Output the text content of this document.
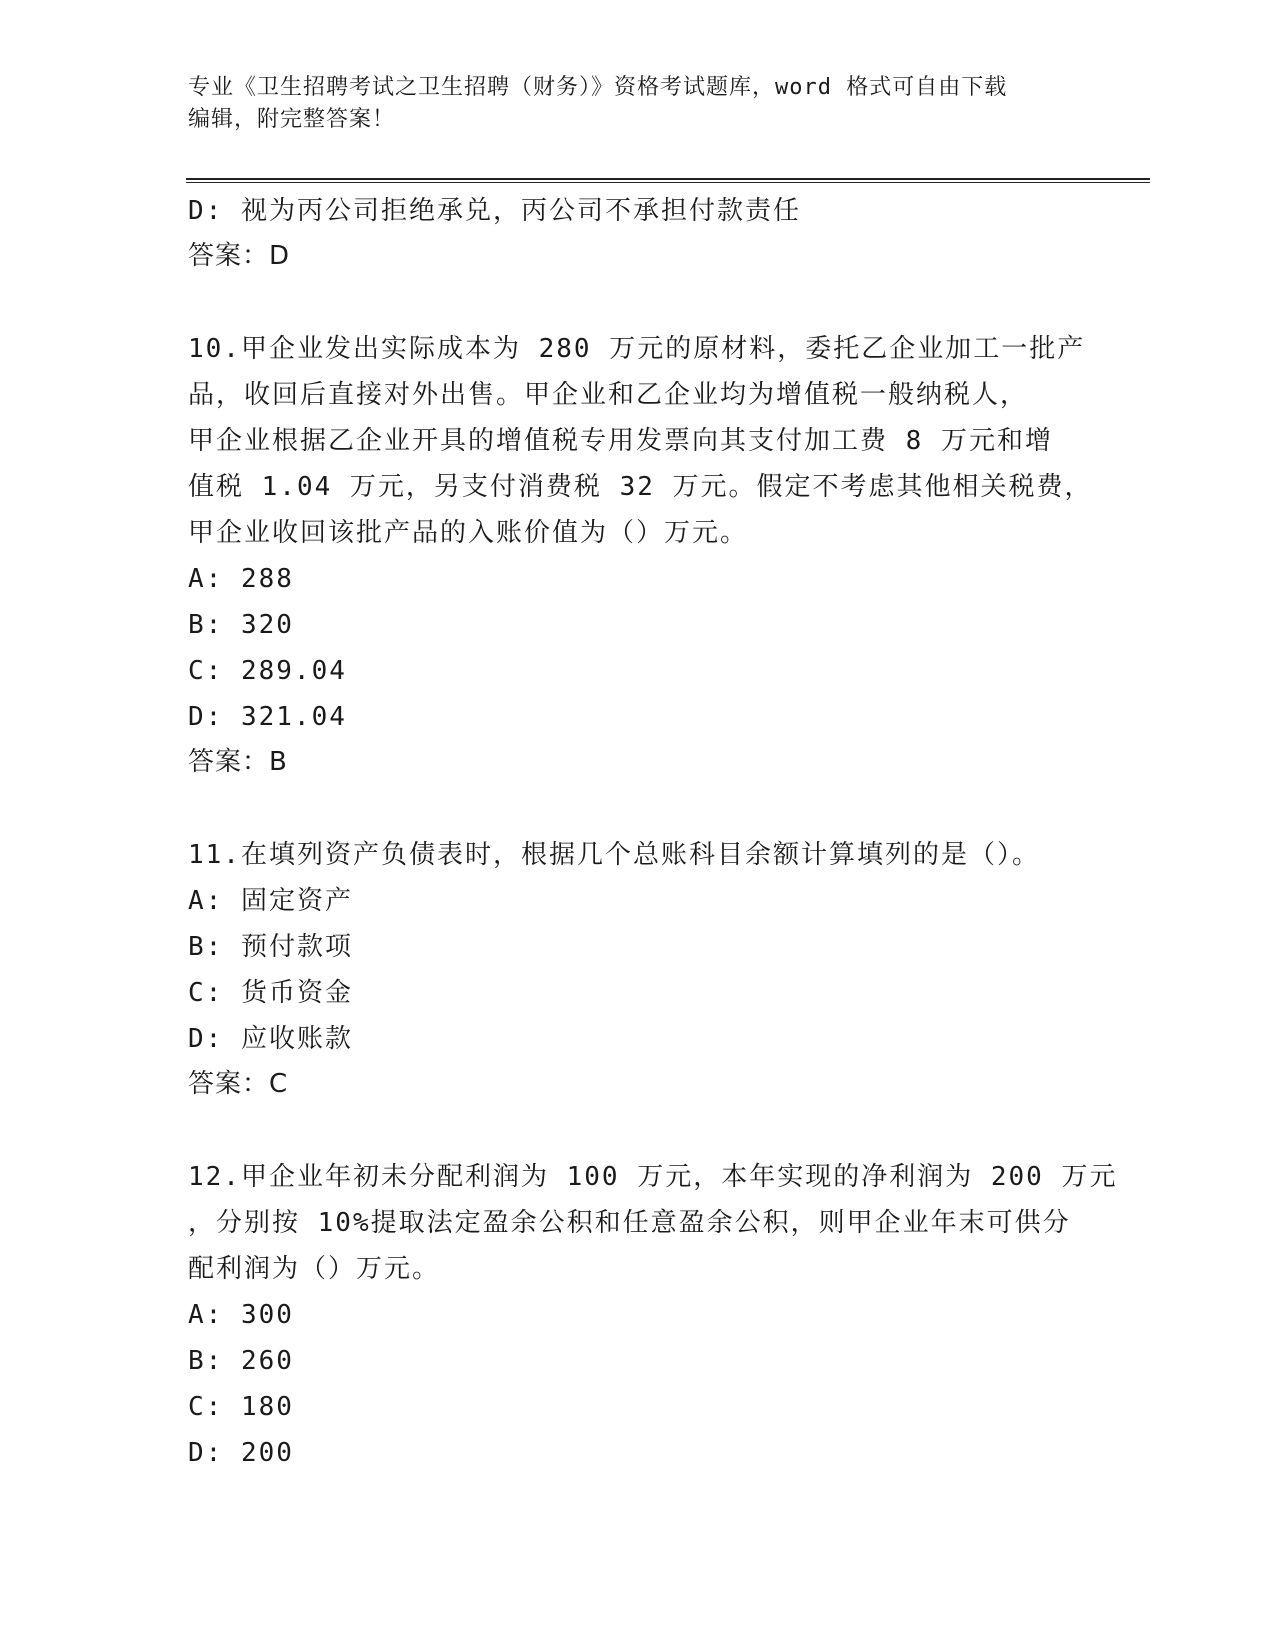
专业《卫生招聘考试之卫生招聘（财务）》资格考试题库，word 格式可自由下载
编辑，附完整答案！
D: 视为丙公司拒绝承兑，丙公司不承担付款责任
答案：D
10.甲企业发出实际成本为 280 万元的原材料，委托乙企业加工一批产
品，收回后直接对外出售。甲企业和乙企业均为增值税一般纳税人，
甲企业根据乙企业开具的增值税专用发票向其支付加工费 8 万元和增
值税 1.04 万元，另支付消费税 32 万元。假定不考虑其他相关税费，
甲企业收回该批产品的入账价值为（）万元。
A: 288
B: 320
C: 289.04
D: 321.04
答案：B
11.在填列资产负债表时，根据几个总账科目余额计算填列的是（）。
A: 固定资产
B: 预付款项
C: 货币资金
D: 应收账款
答案：C
12.甲企业年初未分配利润为 100 万元，本年实现的净利润为 200 万元
，分别按 10%提取法定盈余公积和任意盈余公积，则甲企业年末可供分
配利润为（）万元。
A: 300
B: 260
C: 180
D: 200
